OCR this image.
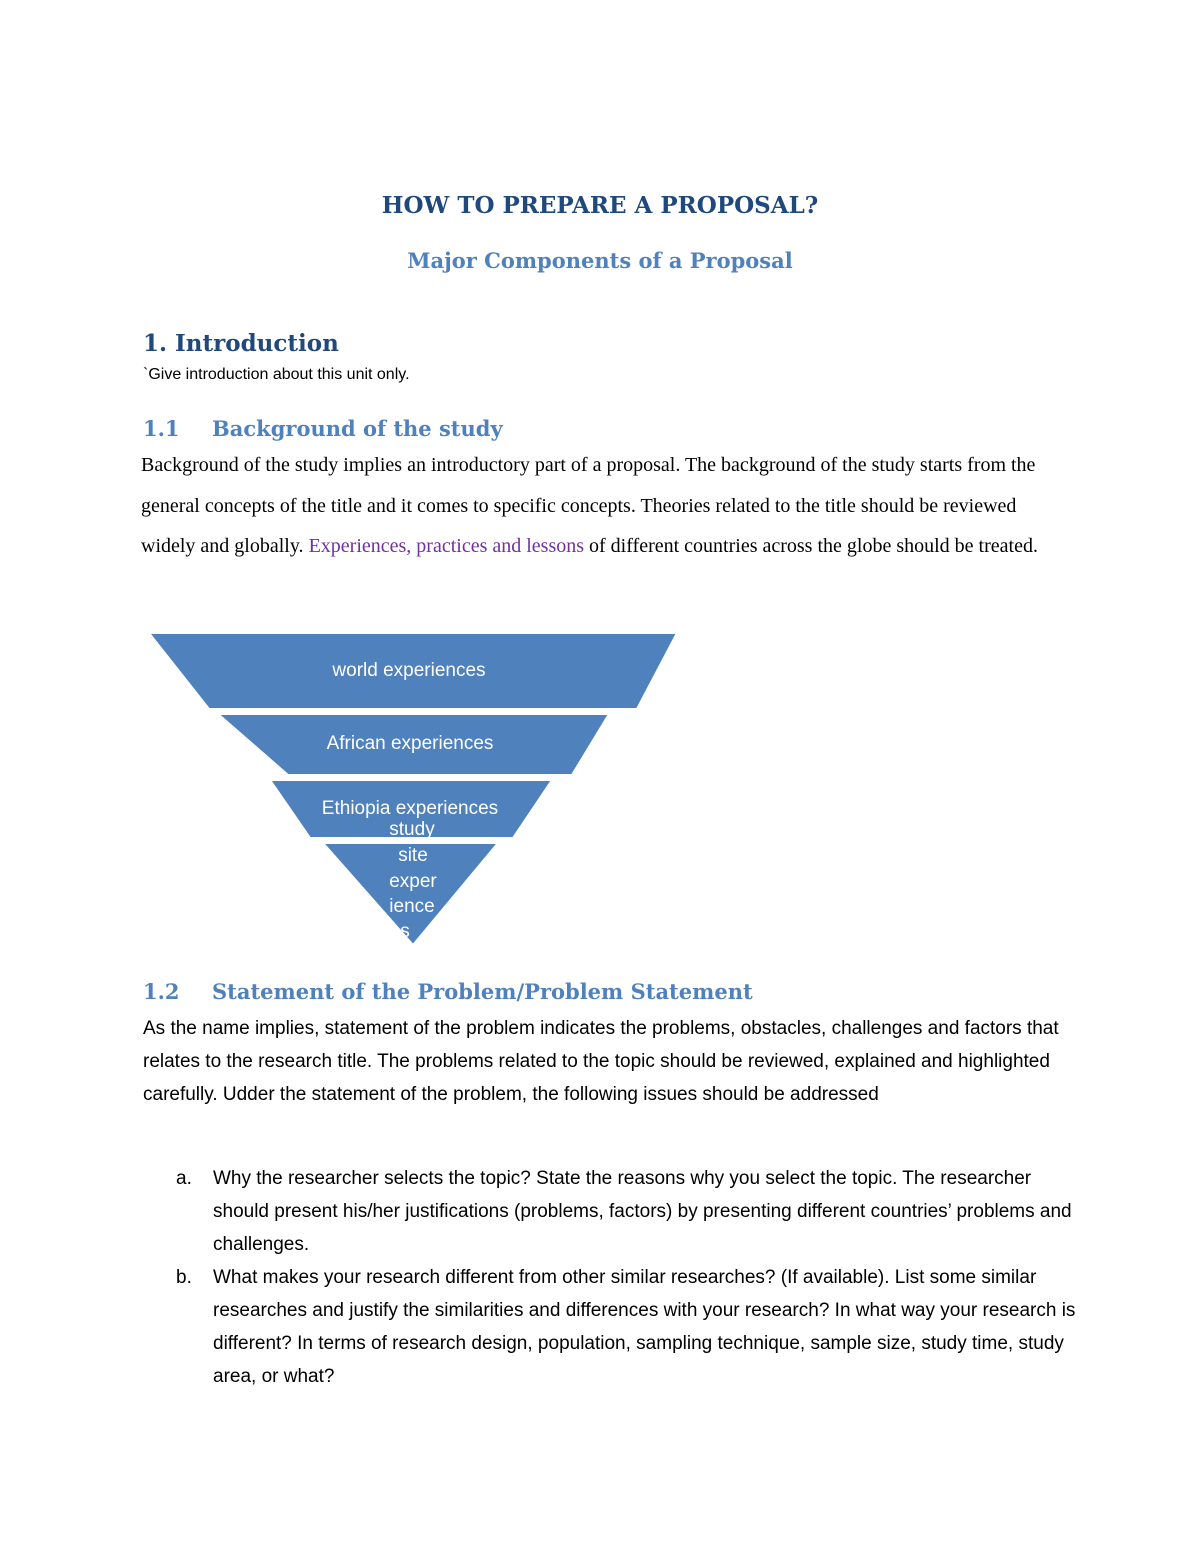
HOW TO PREPARE A PROPOSAL?
Major Components of a Proposal
1. Introduction
`Give introduction about this unit only.
1.1 Background of the study
Background of the study implies an introductory part of a proposal. The background of the study starts from the general concepts of the title and it comes to specific concepts. Theories related to the title should be reviewed widely and globally. Experiences, practices and lessons of different countries across the globe should be treated.
world experiences
African experiences
Ethiopia experiences
study
site
exper
ience
s
1.2 Statement of the Problem/Problem Statement
As the name implies, statement of the problem indicates the problems, obstacles, challenges and factors that relates to the research title. The problems related to the topic should be reviewed, explained and highlighted carefully. Udder the statement of the problem, the following issues should be addressed
a. Why the researcher selects the topic? State the reasons why you select the topic. The researcher should present his/her justifications (problems, factors) by presenting different countries’ problems and challenges.
b. What makes your research different from other similar researches? (If available). List some similar researches and justify the similarities and differences with your research? In what way your research is different? In terms of research design, population, sampling technique, sample size, study time, study area, or what?
